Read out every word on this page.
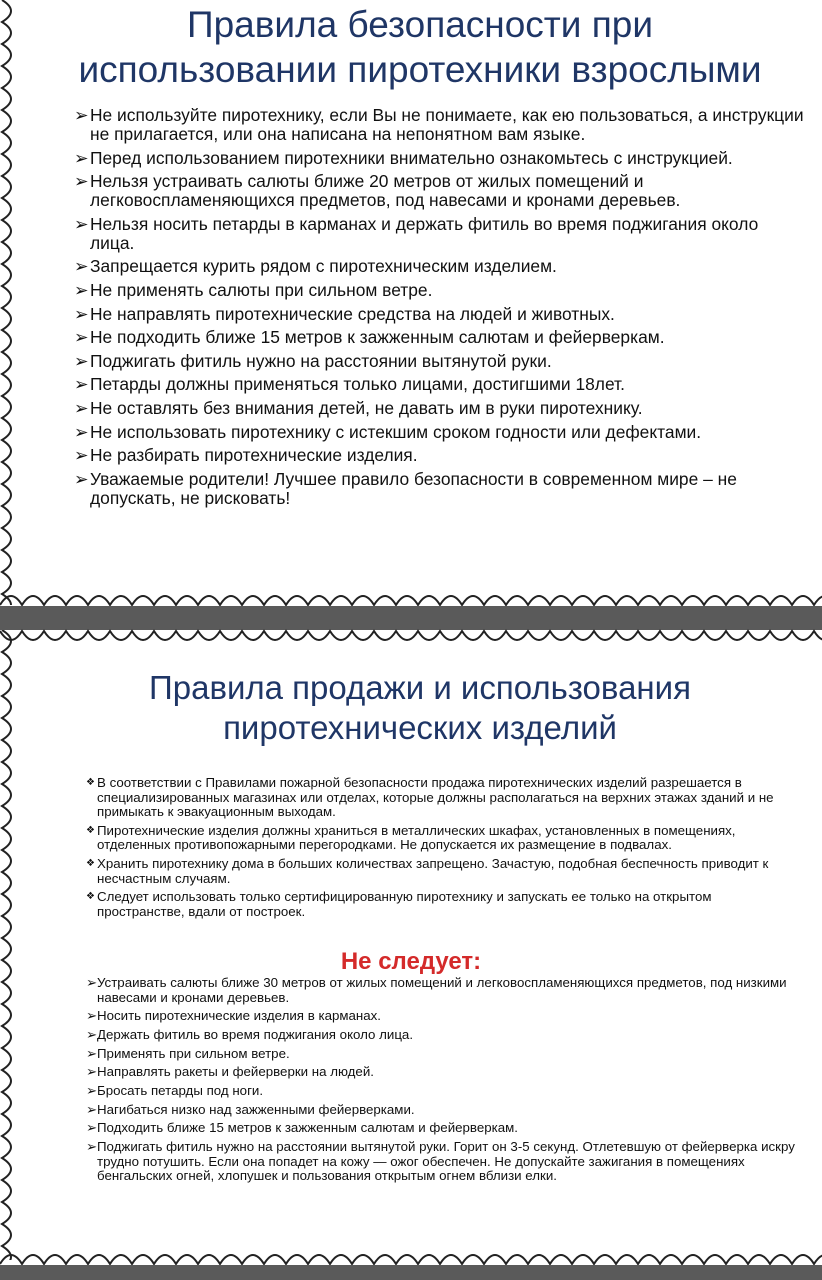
Правила безопасности при
использовании пиротехники взрослыми
➢ Не используйте пиротехнику, если Вы не понимаете, как ею пользоваться, а инструкции не прилагается, или она написана на непонятном вам языке.
➢ Перед использованием пиротехники внимательно ознакомьтесь с инструкцией.
➢ Нельзя устраивать салюты ближе 20 метров от жилых помещений и легковоспламеняющихся предметов, под навесами и кронами деревьев.
➢ Нельзя носить петарды в карманах и держать фитиль во время поджигания около лица.
➢ Запрещается курить рядом с пиротехническим изделием.
➢ Не применять салюты при сильном ветре.
➢ Не направлять пиротехнические средства на людей и животных.
➢ Не подходить ближе 15 метров к зажженным салютам и фейерверкам.
➢ Поджигать фитиль нужно на расстоянии вытянутой руки.
➢ Петарды должны применяться только лицами, достигшими 18лет.
➢ Не оставлять без внимания детей, не давать им в руки пиротехнику.
➢ Не использовать пиротехнику с истекшим сроком годности или дефектами.
➢ Не разбирать пиротехнические изделия.
➢ Уважаемые родители! Лучшее правило безопасности в современном мире – не допускать, не рисковать!
Правила продажи и использования
пиротехнических изделий
❖ В соответствии с Правилами пожарной безопасности продажа пиротехнических изделий разрешается в специализированных магазинах или отделах, которые должны располагаться на верхних этажах зданий и не примыкать к эвакуационным выходам.
❖ Пиротехнические изделия должны храниться в металлических шкафах, установленных в помещениях, отделенных противопожарными перегородками. Не допускается их размещение в подвалах.
❖ Хранить пиротехнику дома в больших количествах запрещено. Зачастую, подобная беспечность приводит к несчастным случаям.
❖ Следует использовать только сертифицированную пиротехнику и запускать ее только на открытом пространстве, вдали от построек.
Не следует:
➢ Устраивать салюты ближе 30 метров от жилых помещений и легковоспламеняющихся предметов, под низкими навесами и кронами деревьев.
➢ Носить пиротехнические изделия в карманах.
➢ Держать фитиль во время поджигания около лица.
➢ Применять при сильном ветре.
➢ Направлять ракеты и фейерверки на людей.
➢ Бросать петарды под ноги.
➢ Нагибаться низко над зажженными фейерверками.
➢ Подходить ближе 15 метров к зажженным салютам и фейерверкам.
➢ Поджигать фитиль нужно на расстоянии вытянутой руки. Горит он 3-5 секунд. Отлетевшую от фейерверка искру трудно потушить. Если она попадет на кожу — ожог обеспечен. Не допускайте зажигания в помещениях бенгальских огней, хлопушек и пользования открытым огнем вблизи елки.
